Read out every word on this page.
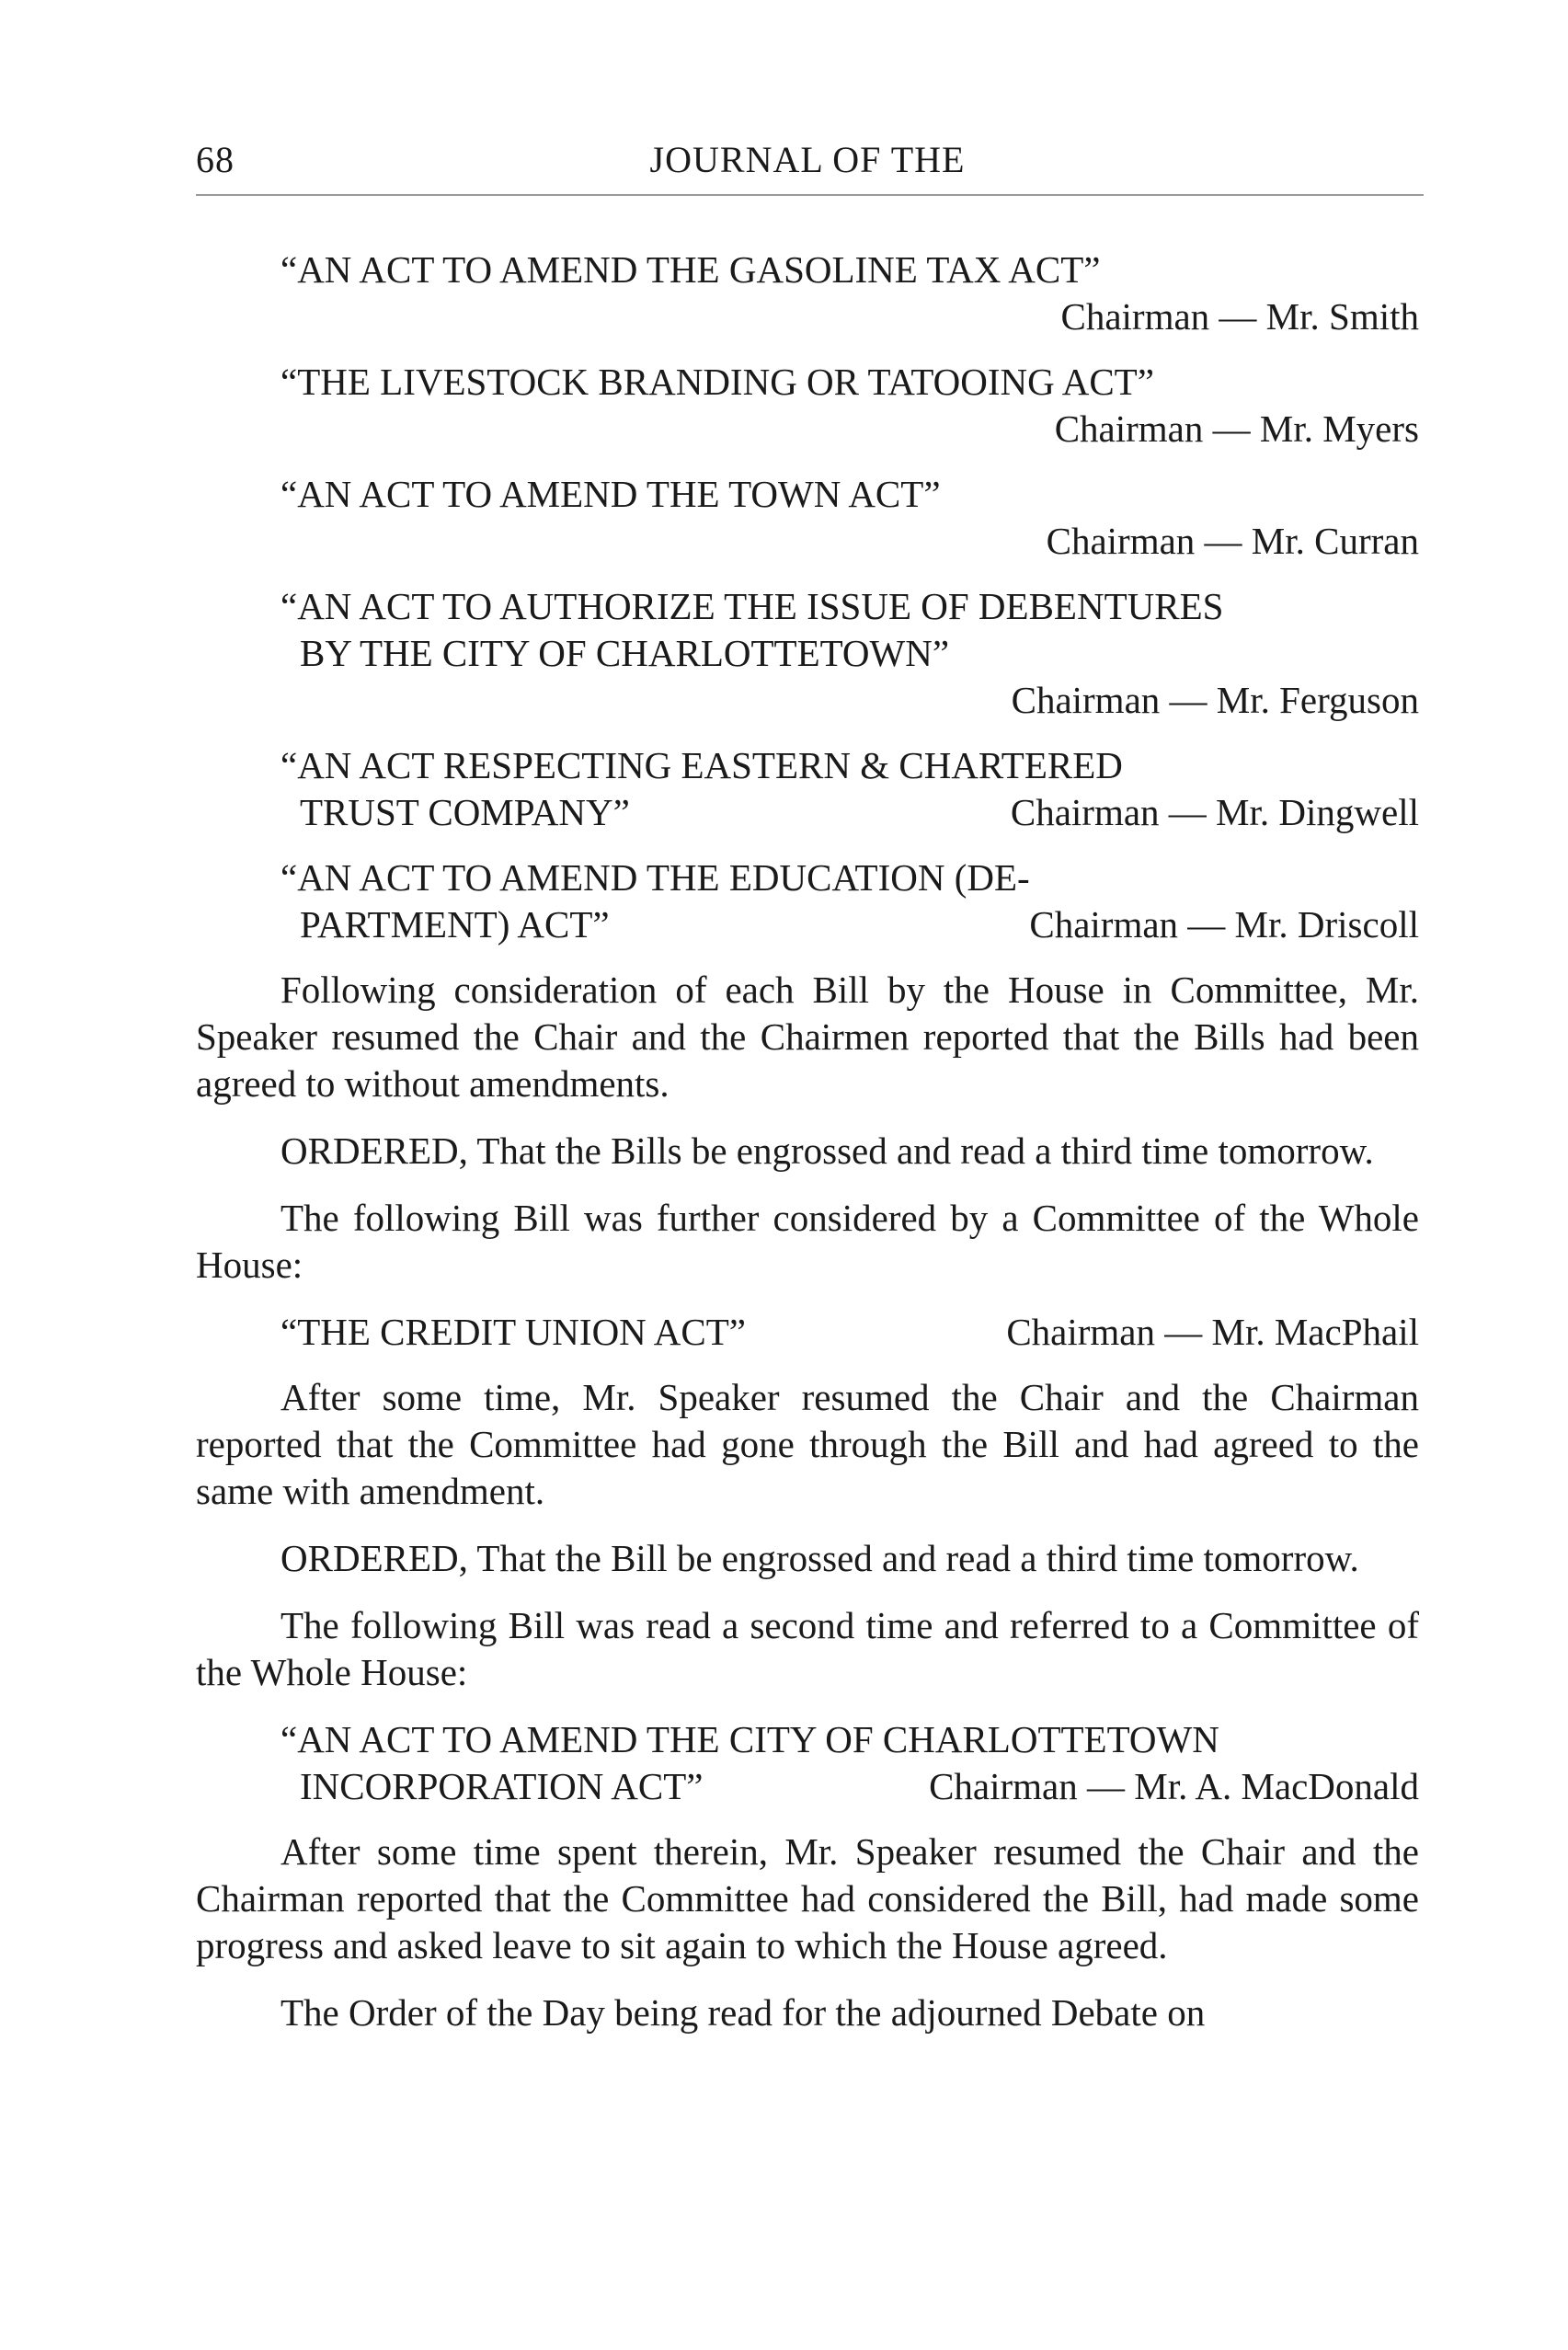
68	JOURNAL OF THE
“AN ACT TO AMEND THE GASOLINE TAX ACT”
Chairman — Mr. Smith
“THE LIVESTOCK BRANDING OR TATOOING ACT”
Chairman — Mr. Myers
“AN ACT TO AMEND THE TOWN ACT”
Chairman — Mr. Curran
“AN ACT TO AUTHORIZE THE ISSUE OF DEBENTURES
BY THE CITY OF CHARLOTTETOWN”
Chairman — Mr. Ferguson
“AN ACT RESPECTING EASTERN & CHARTERED
TRUST COMPANY”	Chairman — Mr. Dingwell
“AN ACT TO AMEND THE EDUCATION (DE-
PARTMENT) ACT”	Chairman — Mr. Driscoll

Following consideration of each Bill by the House in Committee, Mr. Speaker resumed the Chair and the Chairmen reported that the Bills had been agreed to without amendments.

ORDERED, That the Bills be engrossed and read a third time tomorrow.

The following Bill was further considered by a Committee of the Whole House:

“THE CREDIT UNION ACT”	Chairman — Mr. MacPhail

After some time, Mr. Speaker resumed the Chair and the Chairman reported that the Committee had gone through the Bill and had agreed to the same with amendment.

ORDERED, That the Bill be engrossed and read a third time tomorrow.

The following Bill was read a second time and referred to a Committee of the Whole House:

“AN ACT TO AMEND THE CITY OF CHARLOTTETOWN
INCORPORATION ACT”	Chairman — Mr. A. MacDonald

After some time spent therein, Mr. Speaker resumed the Chair and the Chairman reported that the Committee had considered the Bill, had made some progress and asked leave to sit again to which the House agreed.

The Order of the Day being read for the adjourned Debate on
